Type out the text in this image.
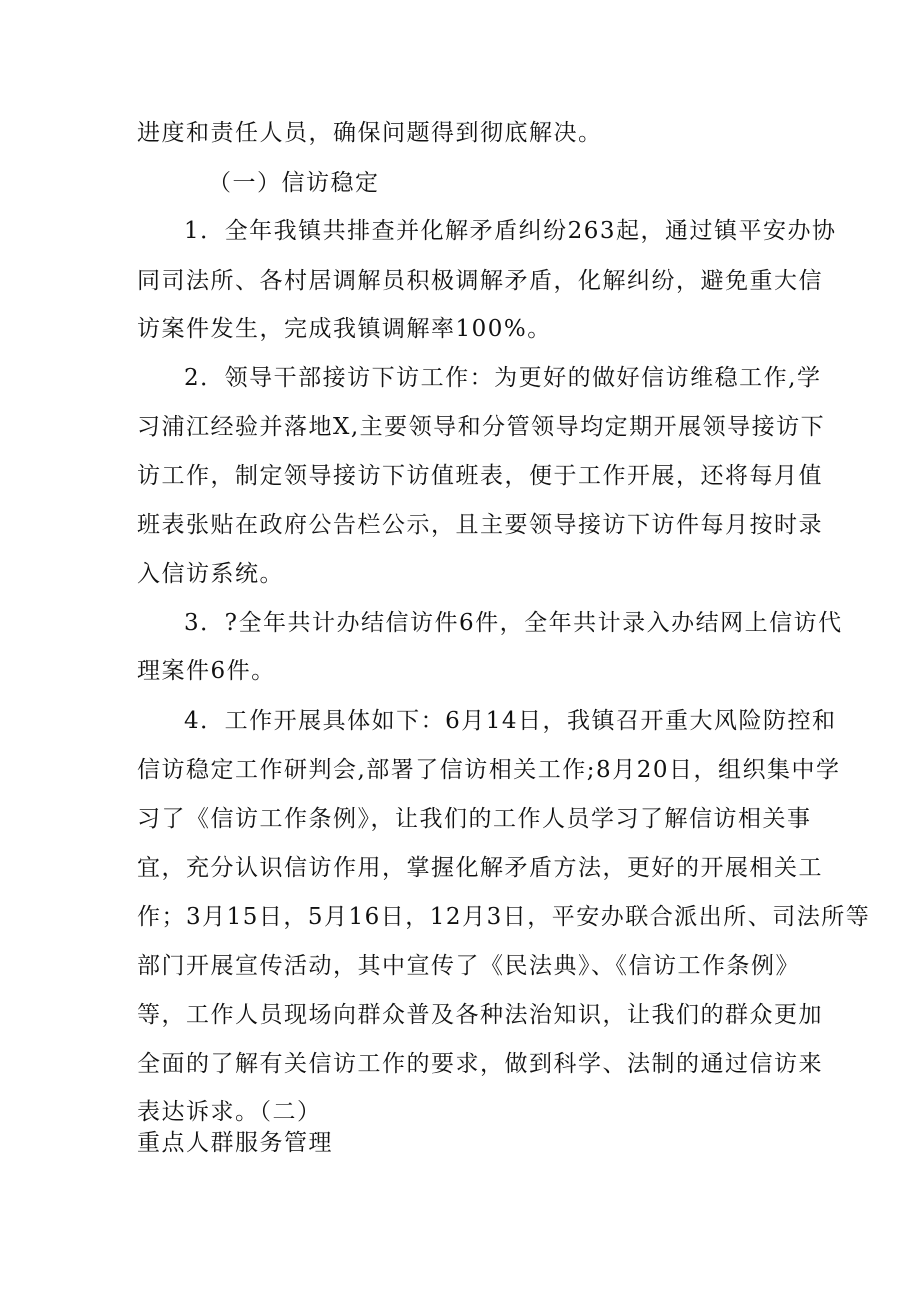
进度和责任人员，确保问题得到彻底解决。
（一）信访稳定
1．全年我镇共排查并化解矛盾纠纷263起，通过镇平安办协
同司法所、各村居调解员积极调解矛盾，化解纠纷，避免重大信
访案件发生，完成我镇调解率100%。
2．领导干部接访下访工作：为更好的做好信访维稳工作,学
习浦江经验并落地X,主要领导和分管领导均定期开展领导接访下
访工作，制定领导接访下访值班表，便于工作开展，还将每月值
班表张贴在政府公告栏公示，且主要领导接访下访件每月按时录
入信访系统。
3．?全年共计办结信访件6件，全年共计录入办结网上信访代
理案件6件。
4．工作开展具体如下：6月14日，我镇召开重大风险防控和
信访稳定工作研判会,部署了信访相关工作;8月20日，组织集中学
习了《信访工作条例》，让我们的工作人员学习了解信访相关事
宜，充分认识信访作用，掌握化解矛盾方法，更好的开展相关工
作；3月15日，5月16日，12月3日，平安办联合派出所、司法所等
部门开展宣传活动，其中宣传了《民法典》、《信访工作条例》
等，工作人员现场向群众普及各种法治知识，让我们的群众更加
全面的了解有关信访工作的要求，做到科学、法制的通过信访来
表达诉求。（二）
重点人群服务管理
